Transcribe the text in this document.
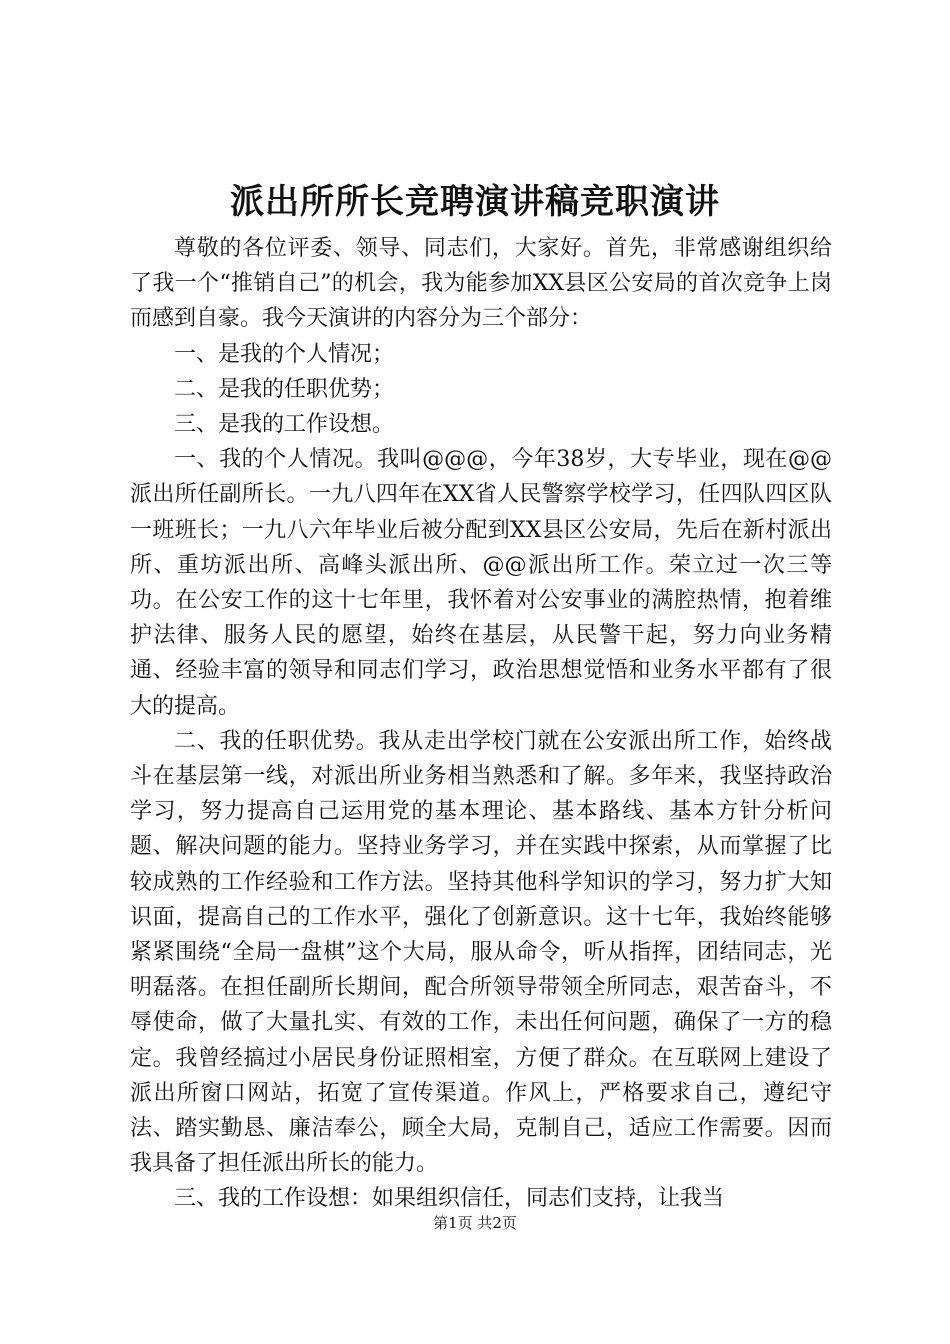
派出所所长竞聘演讲稿竞职演讲

尊敬的各位评委、领导、同志们，大家好。首先，非常感谢组织给了我一个“推销自己”的机会，我为能参加XX县区公安局的首次竞争上岗而感到自豪。我今天演讲的内容分为三个部分：

一、是我的个人情况；

二、是我的任职优势；

三、是我的工作设想。

一、我的个人情况。我叫@@@，今年38岁，大专毕业，现在@@派出所任副所长。一九八四年在XX省人民警察学校学习，任四队四区队一班班长；一九八六年毕业后被分配到XX县区公安局，先后在新村派出所、重坊派出所、高峰头派出所、@@派出所工作。荣立过一次三等功。在公安工作的这十七年里，我怀着对公安事业的满腔热情，抱着维护法律、服务人民的愿望，始终在基层，从民警干起，努力向业务精通、经验丰富的领导和同志们学习，政治思想觉悟和业务水平都有了很大的提高。

二、我的任职优势。我从走出学校门就在公安派出所工作，始终战斗在基层第一线，对派出所业务相当熟悉和了解。多年来，我坚持政治学习，努力提高自己运用党的基本理论、基本路线、基本方针分析问题、解决问题的能力。坚持业务学习，并在实践中探索，从而掌握了比较成熟的工作经验和工作方法。坚持其他科学知识的学习，努力扩大知识面，提高自己的工作水平，强化了创新意识。这十七年，我始终能够紧紧围绕“全局一盘棋”这个大局，服从命令，听从指挥，团结同志，光明磊落。在担任副所长期间，配合所领导带领全所同志，艰苦奋斗，不辱使命，做了大量扎实、有效的工作，未出任何问题，确保了一方的稳定。我曾经搞过小居民身份证照相室，方便了群众。在互联网上建设了派出所窗口网站，拓宽了宣传渠道。作风上，严格要求自己，遵纪守法、踏实勤恳、廉洁奉公，顾全大局，克制自己，适应工作需要。因而我具备了担任派出所长的能力。

三、我的工作设想：如果组织信任，同志们支持，让我当

第1页 共2页
